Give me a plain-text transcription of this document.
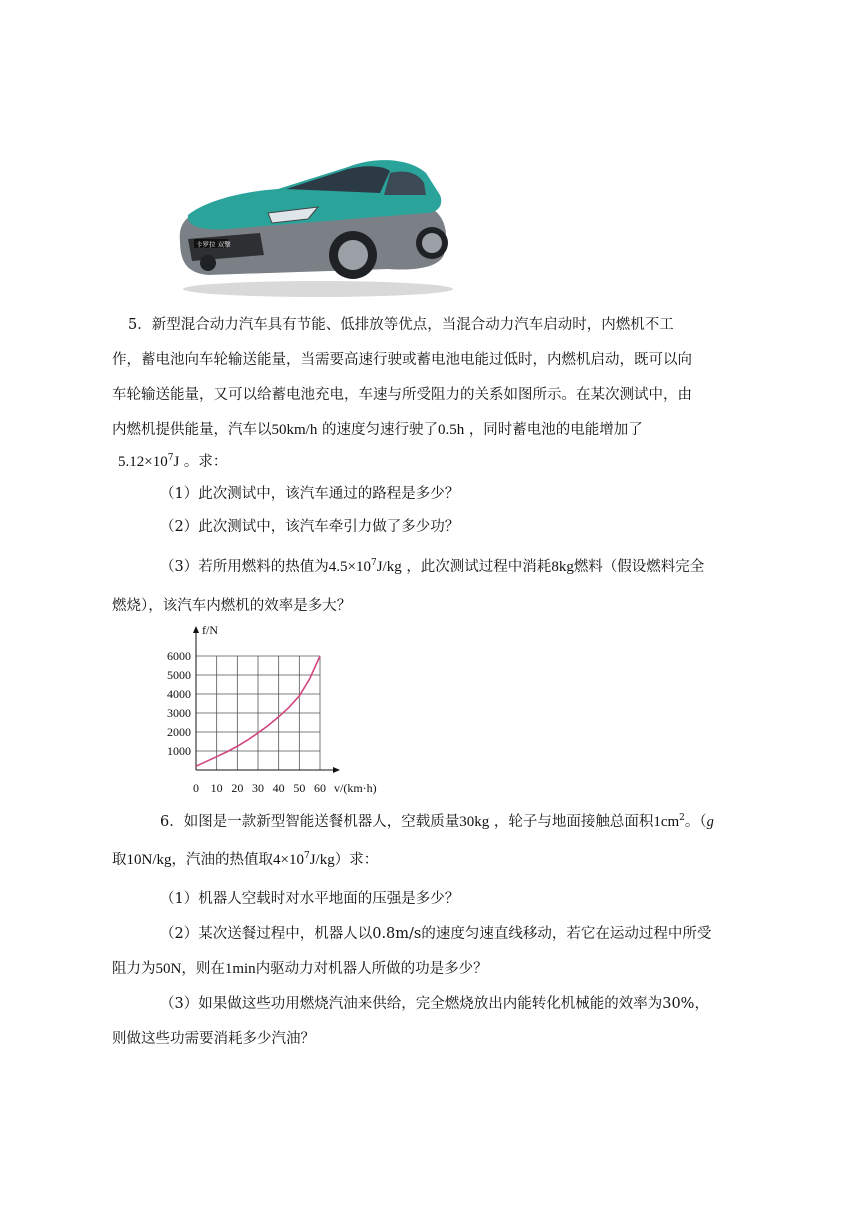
卡罗拉 双擎
5．新型混合动力汽车具有节能、低排放等优点，当混合动力汽车启动时，内燃机不工
作，蓄电池向车轮输送能量，当需要高速行驶或蓄电池电能过低时，内燃机启动，既可以向
车轮输送能量，又可以给蓄电池充电，车速与所受阻力的关系如图所示。在某次测试中，由
内燃机提供能量，汽车以50km/h 的速度匀速行驶了0.5h ，同时蓄电池的电能增加了
$5.12\times 10^7J$ 。求：
（1）此次测试中，该汽车通过的路程是多少？
（2）此次测试中，该汽车牵引力做了多少功？
（3）若所用燃料的热值为$4.5\times 10^7J/kg$ ，此次测试过程中消耗8kg燃料（假设燃料完全
燃烧），该汽车内燃机的效率是多大？
f/N
v/(km·h)
0 10 20 30 40 50 60
1000
2000
3000
4000
5000
6000
6．如图是一款新型智能送餐机器人，空载质量30kg ，轮子与地面接触总面积$1cm^2$。（g
取10N/kg，汽油的热值取$4\times 10^7J/kg$）求：
（1）机器人空载时对水平地面的压强是多少？
（2）某次送餐过程中，机器人以0.8m/s的速度匀速直线移动，若它在运动过程中所受
阻力为50N，则在1min内驱动力对机器人所做的功是多少？
（3）如果做这些功用燃烧汽油来供给，完全燃烧放出内能转化机械能的效率为30%，
则做这些功需要消耗多少汽油？
